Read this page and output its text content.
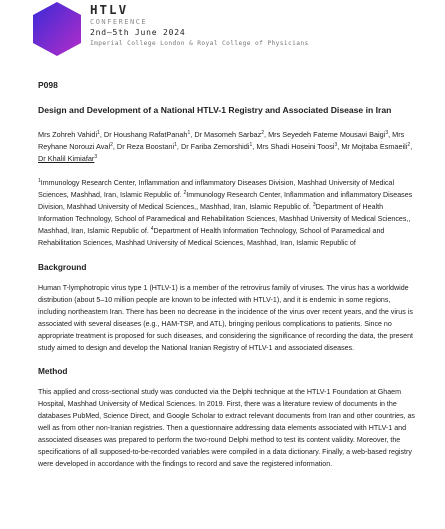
HTLV
CONFERENCE
2nd–5th June 2024
Imperial College London & Royal College of Physicians

P098

Design and Development of a National HTLV-1 Registry and Associated Disease in Iran

Mrs Zohreh Vahidi$^1$, Dr Houshang RafatPanah$^1$, Dr Masomeh Sarbaz$^2$, Mrs Seyedeh Fateme Mousavi Baigi$^3$, Mrs Reyhane Norouzi Aval$^2$, Dr Reza Boostani$^1$, Dr Fariba Zemorshidi$^1$, Mrs Shadi Hoseini Toosi$^3$, Mr Mojtaba Esmaeili$^2$, Dr Khalil Kimiafar$^3$

$^1$Immunology Research Center, Inflammation and inflammatory Diseases Division, Mashhad University of Medical Sciences, Mashhad, Iran, Islamic Republic of. $^2$Immunology Research Center, Inflammation and inflammatory Diseases Division, Mashhad University of Medical Sciences,, Mashhad, Iran, Islamic Republic of. $^3$Department of Health Information Technology, School of Paramedical and Rehabilitation Sciences, Mashhad University of Medical Sciences,, Mashhad, Iran, Islamic Republic of. $^4$Department of Health Information Technology, School of Paramedical and Rehabilitation Sciences, Mashhad University of Medical Sciences, Mashhad, Iran, Islamic Republic of

Background

Human T-lymphotropic virus type 1 (HTLV-1) is a member of the retrovirus family of viruses. The virus has a worldwide distribution (about 5–10 million people are known to be infected with HTLV-1), and it is endemic in some regions, including northeastern Iran. There has been no decrease in the incidence of the virus over recent years, and the virus is associated with several diseases (e.g., HAM-TSP, and ATL), bringing perilous complications to patients. Since no appropriate treatment is proposed for such diseases, and considering the significance of recording the data, the present study aimed to design and develop the National Iranian Registry of HTLV-1 and associated diseases.

Method

This applied and cross-sectional study was conducted via the Delphi technique at the HTLV-1 Foundation at Ghaem Hospital, Mashhad University of Medical Sciences. In 2019. First, there was a literature review of documents in the databases PubMed, Science Direct, and Google Scholar to extract relevant documents from Iran and other countries, as well as from other non-Iranian registries. Then a questionnaire addressing data elements associated with HTLV-1 and associated diseases was prepared to perform the two-round Delphi method to test its content validity. Moreover, the specifications of all supposed-to-be-recorded variables were compiled in a data dictionary. Finally, a web-based registry were developed in accordance with the findings to record and save the registered information.
